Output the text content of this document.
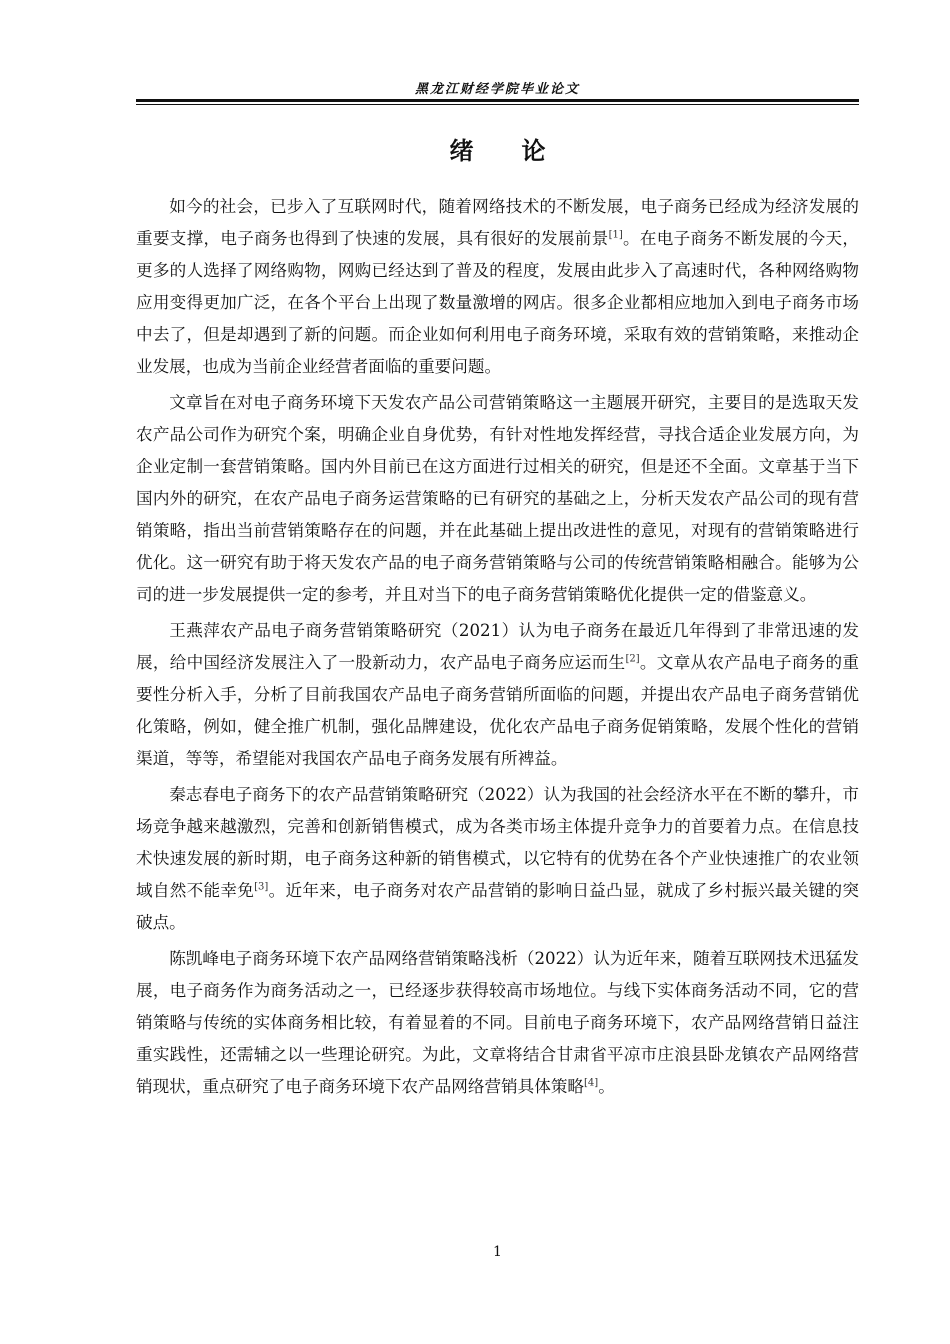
黑龙江财经学院毕业论文
绪论

如今的社会，已步入了互联网时代，随着网络技术的不断发展，电子商务已经成为经济发展的重要支撑，电子商务也得到了快速的发展，具有很好的发展前景[1]。在电子商务不断发展的今天，更多的人选择了网络购物，网购已经达到了普及的程度，发展由此步入了高速时代，各种网络购物应用变得更加广泛，在各个平台上出现了数量激增的网店。很多企业都相应地加入到电子商务市场中去了，但是却遇到了新的问题。而企业如何利用电子商务环境，采取有效的营销策略，来推动企业发展，也成为当前企业经营者面临的重要问题。

文章旨在对电子商务环境下天发农产品公司营销策略这一主题展开研究，主要目的是选取天发农产品公司作为研究个案，明确企业自身优势，有针对性地发挥经营，寻找合适企业发展方向，为企业定制一套营销策略。国内外目前已在这方面进行过相关的研究，但是还不全面。文章基于当下国内外的研究，在农产品电子商务运营策略的已有研究的基础之上，分析天发农产品公司的现有营销策略，指出当前营销策略存在的问题，并在此基础上提出改进性的意见，对现有的营销策略进行优化。这一研究有助于将天发农产品的电子商务营销策略与公司的传统营销策略相融合。能够为公司的进一步发展提供一定的参考，并且对当下的电子商务营销策略优化提供一定的借鉴意义。

王燕萍农产品电子商务营销策略研究（2021）认为电子商务在最近几年得到了非常迅速的发展，给中国经济发展注入了一股新动力，农产品电子商务应运而生[2]。文章从农产品电子商务的重要性分析入手，分析了目前我国农产品电子商务营销所面临的问题，并提出农产品电子商务营销优化策略，例如，健全推广机制，强化品牌建设，优化农产品电子商务促销策略，发展个性化的营销渠道，等等，希望能对我国农产品电子商务发展有所裨益。

秦志春电子商务下的农产品营销策略研究（2022）认为我国的社会经济水平在不断的攀升，市场竞争越来越激烈，完善和创新销售模式，成为各类市场主体提升竞争力的首要着力点。在信息技术快速发展的新时期，电子商务这种新的销售模式，以它特有的优势在各个产业快速推广的农业领域自然不能幸免[3]。近年来，电子商务对农产品营销的影响日益凸显，就成了乡村振兴最关键的突破点。

陈凯峰电子商务环境下农产品网络营销策略浅析（2022）认为近年来，随着互联网技术迅猛发展，电子商务作为商务活动之一，已经逐步获得较高市场地位。与线下实体商务活动不同，它的营销策略与传统的实体商务相比较，有着显着的不同。目前电子商务环境下，农产品网络营销日益注重实践性，还需辅之以一些理论研究。为此，文章将结合甘肃省平凉市庄浪县卧龙镇农产品网络营销现状，重点研究了电子商务环境下农产品网络营销具体策略[4]。

1
